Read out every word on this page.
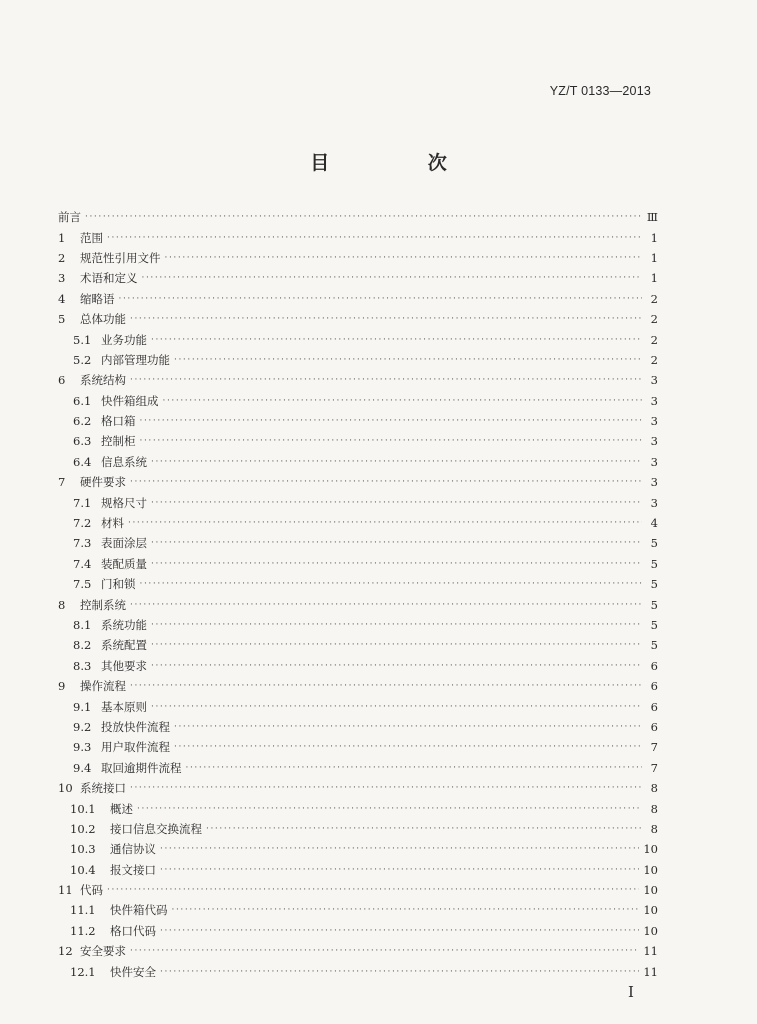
YZ/T 0133—2013
目 次
前言 ·····	Ⅲ
1	范围 ·····	1
2	规范性引用文件 ·····	1
3	术语和定义 ·····	1
4	缩略语 ·····	2
5	总体功能 ·····	2
5.1 业务功能 ·····	2
5.2 内部管理功能 ·····	2
6	系统结构 ·····	3
6.1 快件箱组成 ·····	3
6.2 格口箱 ·····	3
6.3 控制柜 ·····	3
6.4 信息系统 ·····	3
7	硬件要求 ·····	3
7.1 规格尺寸 ·····	3
7.2 材料 ·····	4
7.3 表面涂层 ·····	5
7.4 装配质量 ·····	5
7.5 门和锁 ·····	5
8	控制系统 ·····	5
8.1 系统功能 ·····	5
8.2 系统配置 ·····	5
8.3 其他要求 ·····	6
9	操作流程 ·····	6
9.1 基本原则 ·····	6
9.2 投放快件流程 ·····	6
9.3 用户取件流程 ·····	7
9.4 取回逾期件流程 ·····	7
10 系统接口 ·····	8
10.1	概述 ·····	8
10.2	接口信息交换流程 ·····	8
10.3	通信协议 ·····	10
10.4	报文接口 ·····	10
11 代码 ·····	10
11.1	快件箱代码 ·····	10
11.2	格口代码 ·····	10
12 安全要求 ·····	11
12.1	快件安全 ·····	11
I
